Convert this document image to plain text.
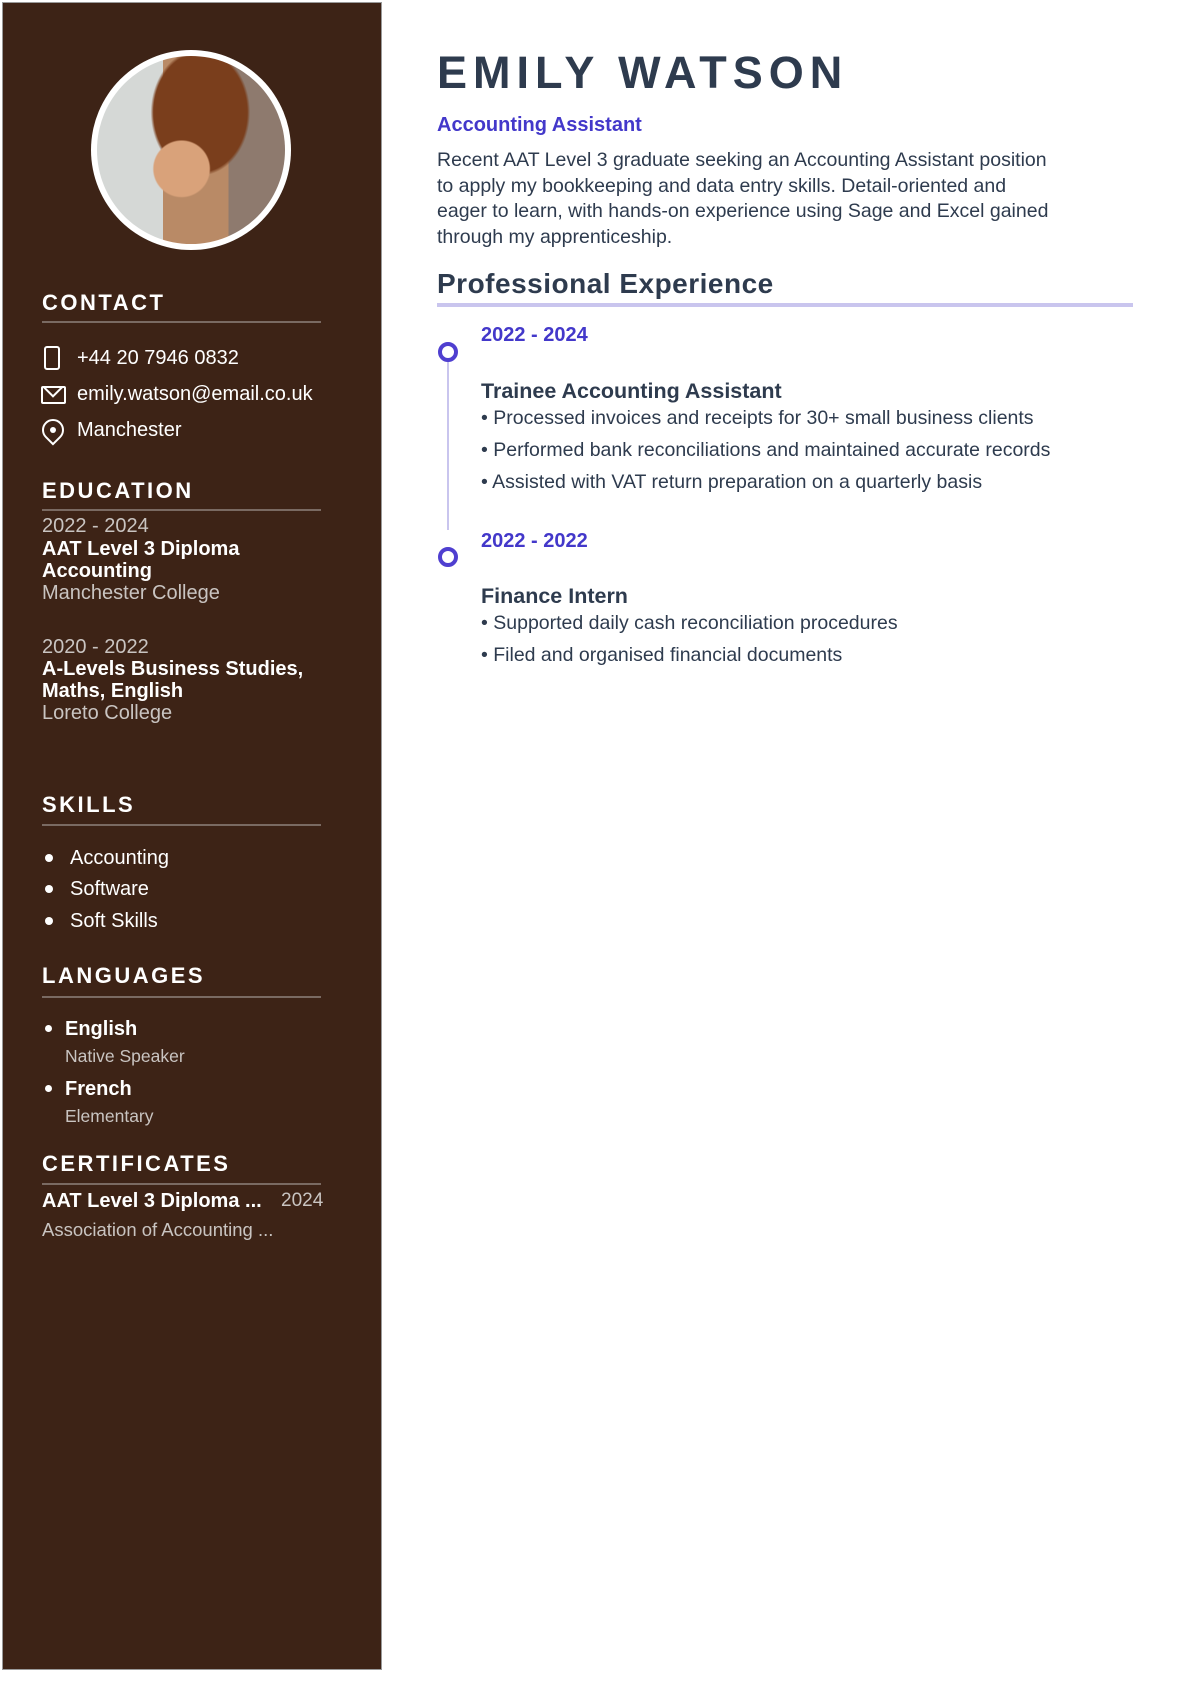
CONTACT
+44 20 7946 0832
emily.watson@email.co.uk
Manchester
EDUCATION
2022 - 2024
AAT Level 3 Diploma
Accounting
Manchester College
2020 - 2022
A-Levels Business Studies,
Maths, English
Loreto College
SKILLS
Accounting
Software
Soft Skills
LANGUAGES
English
Native Speaker
French
Elementary
CERTIFICATES
AAT Level 3 Diploma ... 2024
Association of Accounting ...
EMILY WATSON
Accounting Assistant
Recent AAT Level 3 graduate seeking an Accounting Assistant position
to apply my bookkeeping and data entry skills. Detail-oriented and
eager to learn, with hands-on experience using Sage and Excel gained
through my apprenticeship.
Professional Experience
2022 - 2024
Trainee Accounting Assistant
• Processed invoices and receipts for 30+ small business clients
• Performed bank reconciliations and maintained accurate records
• Assisted with VAT return preparation on a quarterly basis
2022 - 2022
Finance Intern
• Supported daily cash reconciliation procedures
• Filed and organised financial documents
